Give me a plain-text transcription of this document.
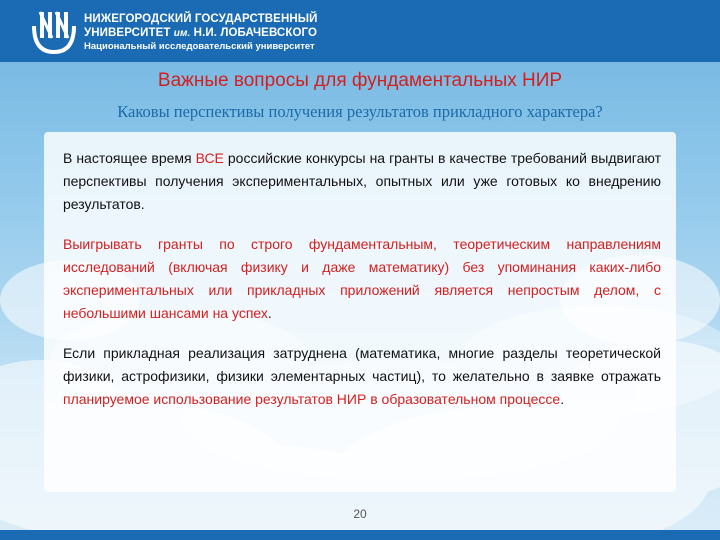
НИЖЕГОРОДСКИЙ ГОСУДАРСТВЕННЫЙ
УНИВЕРСИТЕТ им. Н.И. ЛОБАЧЕВСКОГО
Национальный исследовательский университет
Важные вопросы для фундаментальных НИР
Каковы перспективы получения результатов прикладного характера?

В настоящее время ВСЕ российские конкурсы на гранты в качестве требований выдвигают перспективы получения экспериментальных, опытных или уже готовых ко внедрению результатов.

Выигрывать гранты по строго фундаментальным, теоретическим направлениям исследований (включая физику и даже математику) без упоминания каких-либо экспериментальных или прикладных приложений является непростым делом, с небольшими шансами на успех.

Если прикладная реализация затруднена (математика, многие разделы теоретической физики, астрофизики, физики элементарных частиц), то желательно в заявке отражать планируемое использование результатов НИР в образовательном процессе.

20
